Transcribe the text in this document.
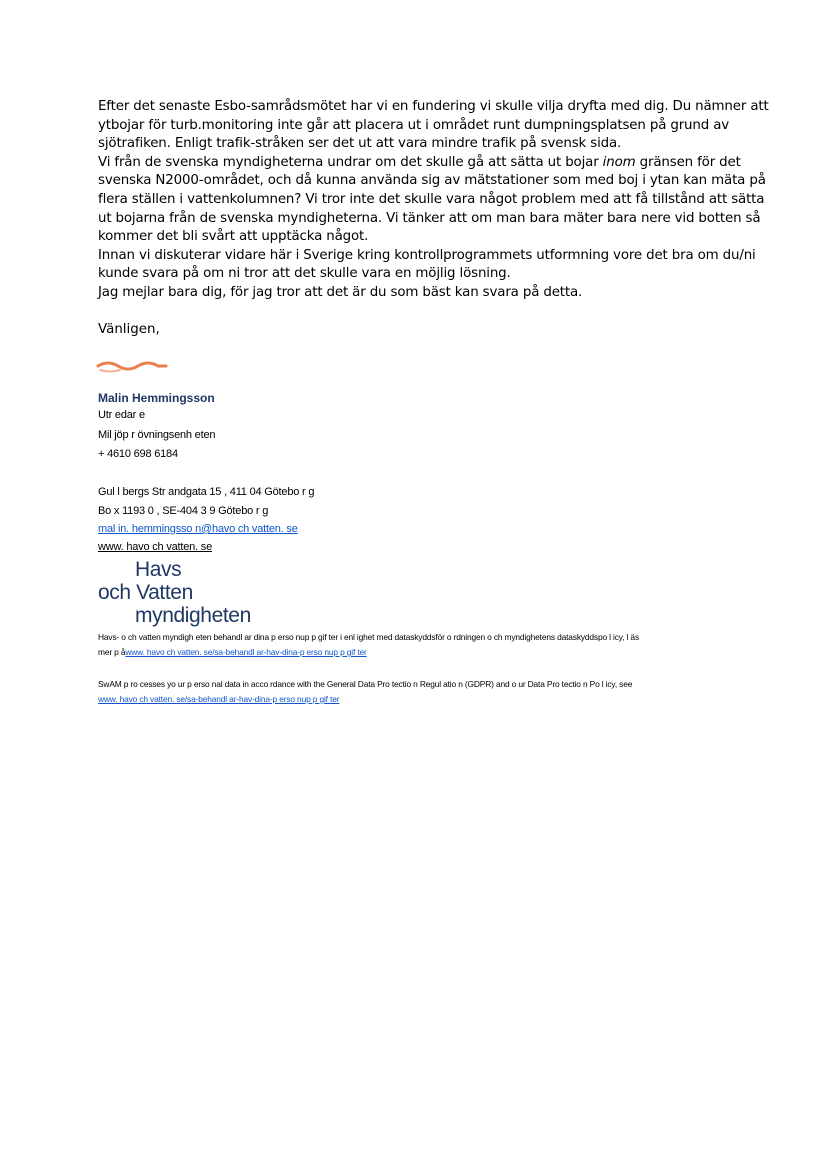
Efter det senaste Esbo-samrådsmötet har vi en fundering vi skulle vilja dryfta med dig. Du nämner att

ytbojar för turb.monitoring inte går att placera ut i området runt dumpningsplatsen på grund av

sjötrafiken. Enligt trafik-stråken ser det ut att vara mindre trafik på svensk sida.

Vi från de svenska myndigheterna undrar om det skulle gå att sätta ut bojar inom gränsen för det

svenska N2000-området, och då kunna använda sig av mätstationer som med boj i ytan kan mäta på

flera ställen i vattenkolumnen? Vi tror inte det skulle vara något problem med att få tillstånd att sätta

ut bojarna från de svenska myndigheterna. Vi tänker att om man bara mäter bara nere vid botten så

kommer det bli svårt att upptäcka något.

Innan vi diskuterar vidare här i Sverige kring kontrollprogrammets utformning vore det bra om du/ni

kunde svara på om ni tror att det skulle vara en möjlig lösning.

Jag mejlar bara dig, för jag tror att det är du som bäst kan svara på detta.

Vänligen,
Malin Hemmingsson
Utr edar e
Mil jöp r övningsenh eten
+ 4610 698 6184
Gul l bergs Str andgata 15 , 411 04 Götebo r g
Bo x 1193 0 , SE-404 3 9 Götebo r g
mal in. hemmingsso n@havo ch vatten. se
www. havo ch vatten. se
Havs
och Vatten
myndigheten
Havs- o ch vatten myndigh eten behandl ar dina p erso nup p gif ter i enl ighet med dataskyddsför o rdningen o ch myndighetens dataskyddspo l icy, l äs
mer p åwww. havo ch vatten. se/sa-behandl ar-hav-dina-p erso nup p gif ter
SwAM p ro cesses yo ur p erso nal data in acco rdance with the General Data Pro tectio n Regul atio n (GDPR) and o ur Data Pro tectio n Po l icy, see
www. havo ch vatten. se/sa-behandl ar-hav-dina-p erso nup p gif ter
